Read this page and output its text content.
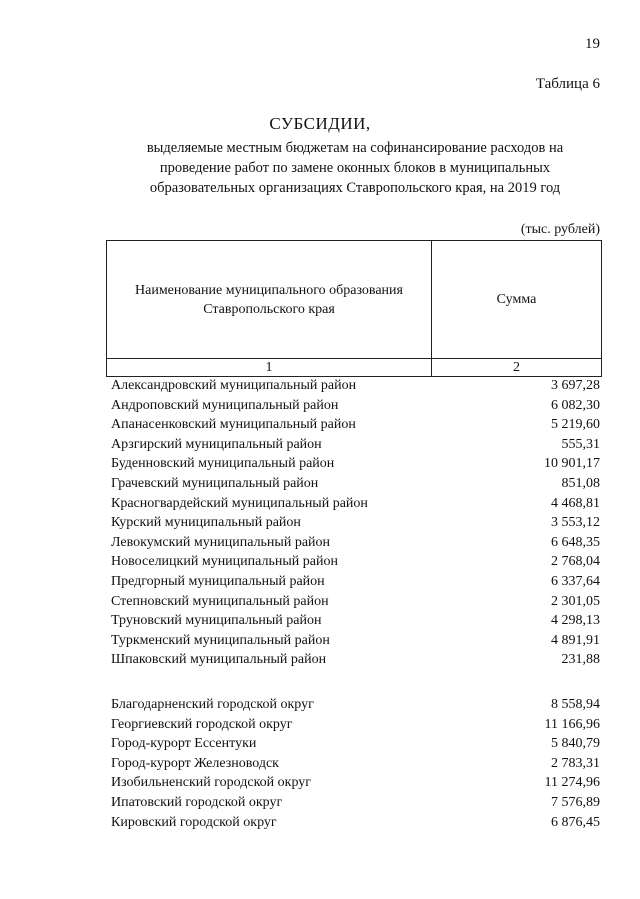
19
Таблица 6
СУБСИДИИ,
выделяемые местным бюджетам на софинансирование расходов на
проведение работ по замене оконных блоков в муниципальных
образовательных организациях Ставропольского края, на 2019 год
(тыс. рублей)
Наименование муниципального образования
Ставропольского края	Сумма
1	2
Александровский муниципальный район	3 697,28
Андроповский муниципальный район	6 082,30
Апанасенковский муниципальный район	5 219,60
Арзгирский муниципальный район	555,31
Буденновский муниципальный район	10 901,17
Грачевский муниципальный район	851,08
Красногвардейский муниципальный район	4 468,81
Курский муниципальный район	3 553,12
Левокумский муниципальный район	6 648,35
Новоселицкий муниципальный район	2 768,04
Предгорный муниципальный район	6 337,64
Степновский муниципальный район	2 301,05
Труновский муниципальный район	4 298,13
Туркменский муниципальный район	4 891,91
Шпаковский муниципальный район	231,88
Благодарненский городской округ	8 558,94
Георгиевский городской округ	11 166,96
Город-курорт Ессентуки	5 840,79
Город-курорт Железноводск	2 783,31
Изобильненский городской округ	11 274,96
Ипатовский городской округ	7 576,89
Кировский городской округ	6 876,45
